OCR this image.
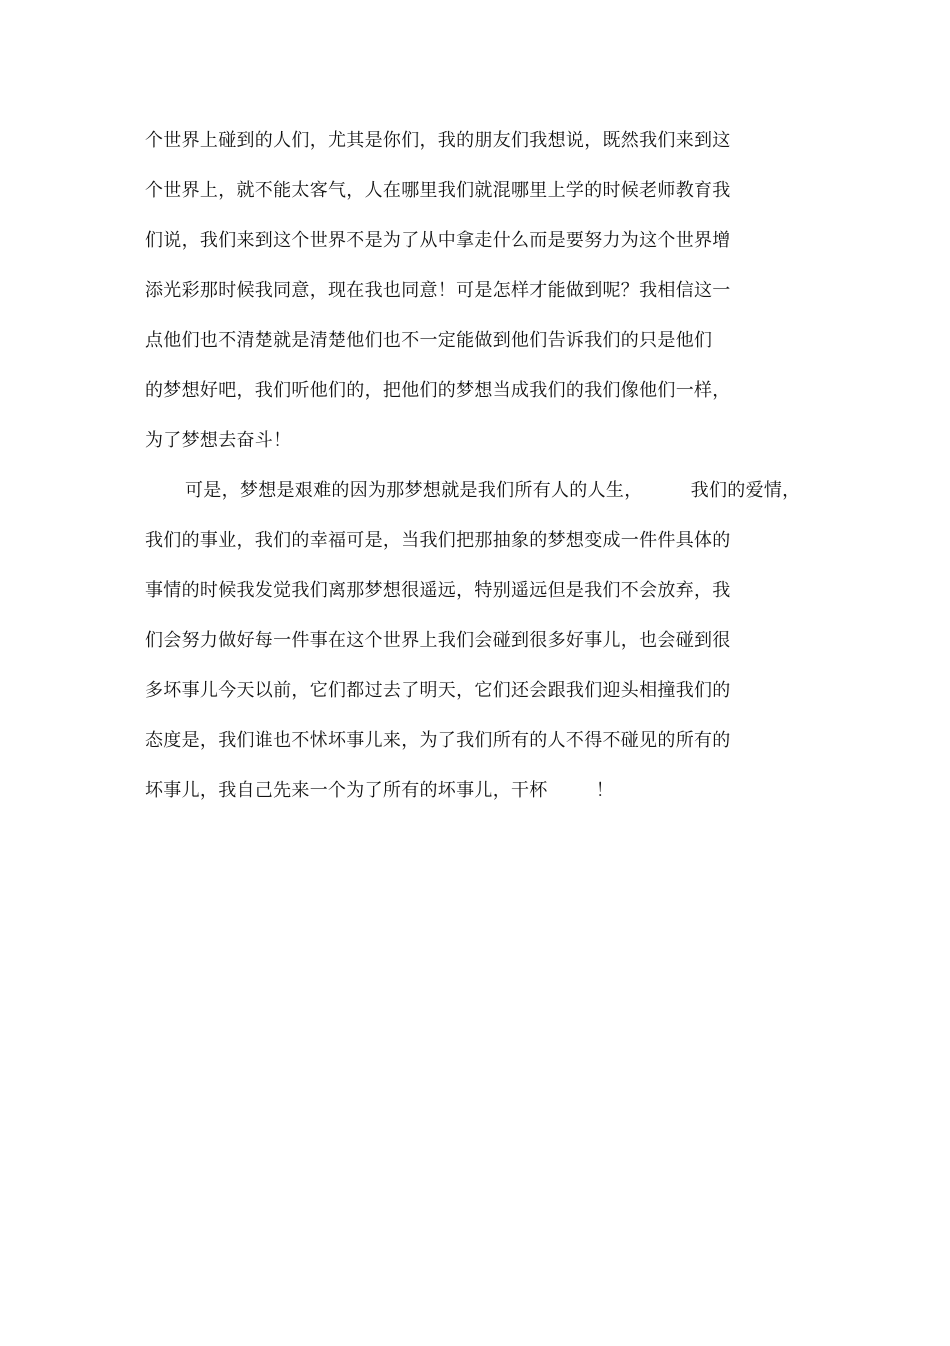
个世界上碰到的人们，尤其是你们，我的朋友们我想说，既然我们来到这
个世界上，就不能太客气，人在哪里我们就混哪里上学的时候老师教育我
们说，我们来到这个世界不是为了从中拿走什么而是要努力为这个世界增
添光彩那时候我同意，现在我也同意！可是怎样才能做到呢？我相信这一
点他们也不清楚就是清楚他们也不一定能做到他们告诉我们的只是他们
的梦想好吧，我们听他们的，把他们的梦想当成我们的我们像他们一样，
为了梦想去奋斗！
可是，梦想是艰难的因为那梦想就是我们所有人的人生，        我们的爱情，
我们的事业，我们的幸福可是，当我们把那抽象的梦想变成一件件具体的
事情的时候我发觉我们离那梦想很遥远，特别遥远但是我们不会放弃，我
们会努力做好每一件事在这个世界上我们会碰到很多好事儿，也会碰到很
多坏事儿今天以前，它们都过去了明天，它们还会跟我们迎头相撞我们的
态度是，我们谁也不怵坏事儿来，为了我们所有的人不得不碰见的所有的
坏事儿，我自己先来一个为了所有的坏事儿，干杯        ！
